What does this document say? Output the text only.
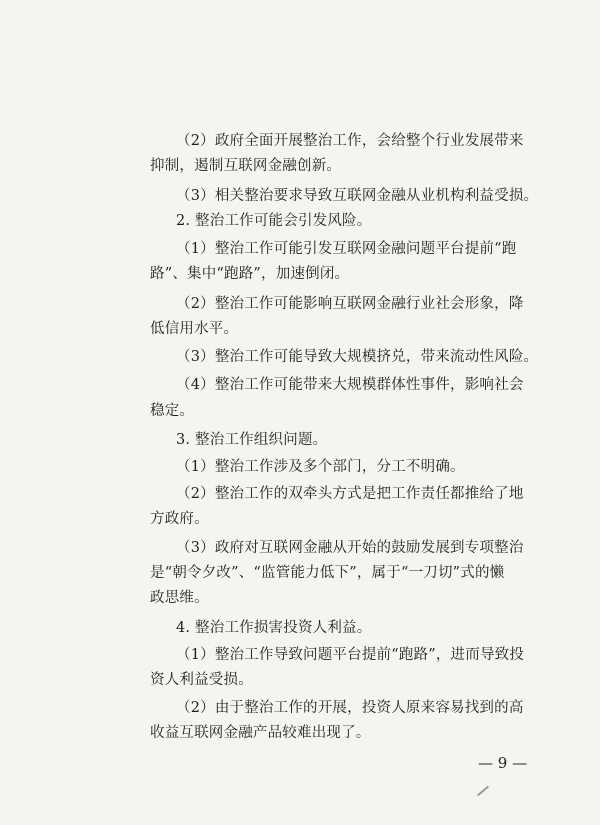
（2）政府全面开展整治工作，会给整个行业发展带来
抑制，遏制互联网金融创新。
（3）相关整治要求导致互联网金融从业机构利益受损。
2. 整治工作可能会引发风险。
（1）整治工作可能引发互联网金融问题平台提前“跑
路”、集中“跑路”，加速倒闭。
（2）整治工作可能影响互联网金融行业社会形象，降
低信用水平。
（3）整治工作可能导致大规模挤兑，带来流动性风险。
（4）整治工作可能带来大规模群体性事件，影响社会
稳定。
3. 整治工作组织问题。
（1）整治工作涉及多个部门，分工不明确。
（2）整治工作的双牵头方式是把工作责任都推给了地
方政府。
（3）政府对互联网金融从开始的鼓励发展到专项整治
是“朝令夕改”、“监管能力低下”，属于“一刀切”式的懒
政思维。
4. 整治工作损害投资人利益。
（1）整治工作导致问题平台提前“跑路”，进而导致投
资人利益受损。
（2）由于整治工作的开展，投资人原来容易找到的高
收益互联网金融产品较难出现了。
— 9 —
